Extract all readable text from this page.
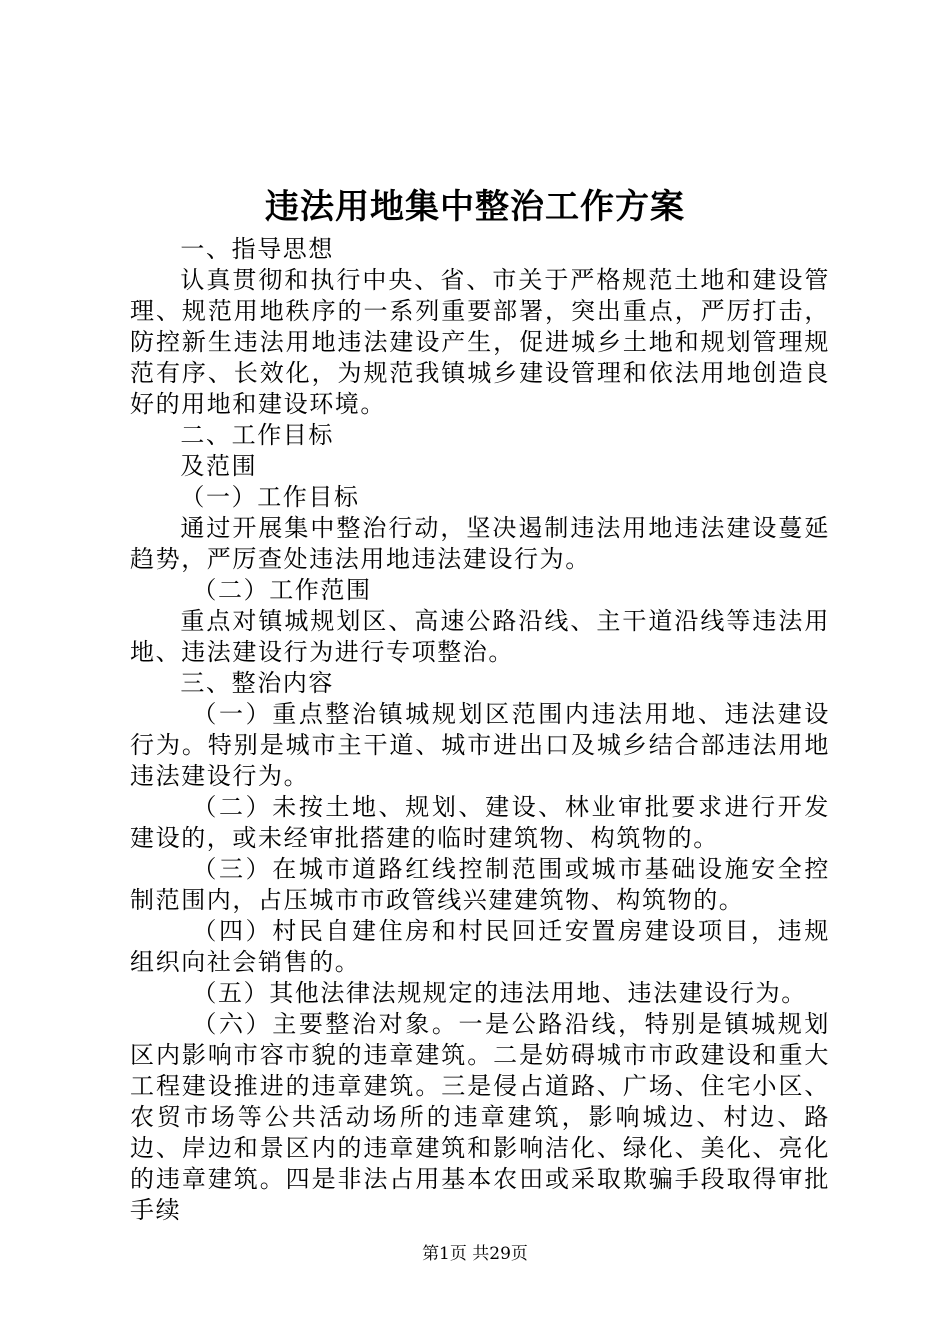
违法用地集中整治工作方案

一、指导思想

认真贯彻和执行中央、省、市关于严格规范土地和建设管理、规范用地秩序的一系列重要部署，突出重点，严厉打击，防控新生违法用地违法建设产生，促进城乡土地和规划管理规范有序、长效化，为规范我镇城乡建设管理和依法用地创造良好的用地和建设环境。

二、工作目标

及范围

（一）工作目标

通过开展集中整治行动，坚决遏制违法用地违法建设蔓延趋势，严厉查处违法用地违法建设行为。

（二）工作范围

重点对镇城规划区、高速公路沿线、主干道沿线等违法用地、违法建设行为进行专项整治。

三、整治内容

（一）重点整治镇城规划区范围内违法用地、违法建设行为。特别是城市主干道、城市进出口及城乡结合部违法用地违法建设行为。

（二）未按土地、规划、建设、林业审批要求进行开发建设的，或未经审批搭建的临时建筑物、构筑物的。

（三）在城市道路红线控制范围或城市基础设施安全控制范围内，占压城市市政管线兴建建筑物、构筑物的。

（四）村民自建住房和村民回迁安置房建设项目，违规组织向社会销售的。

（五）其他法律法规规定的违法用地、违法建设行为。

（六）主要整治对象。一是公路沿线，特别是镇城规划区内影响市容市貌的违章建筑。二是妨碍城市市政建设和重大工程建设推进的违章建筑。三是侵占道路、广场、住宅小区、农贸市场等公共活动场所的违章建筑，影响城边、村边、路边、岸边和景区内的违章建筑和影响洁化、绿化、美化、亮化的违章建筑。四是非法占用基本农田或采取欺骗手段取得审批手续

第1页 共29页
